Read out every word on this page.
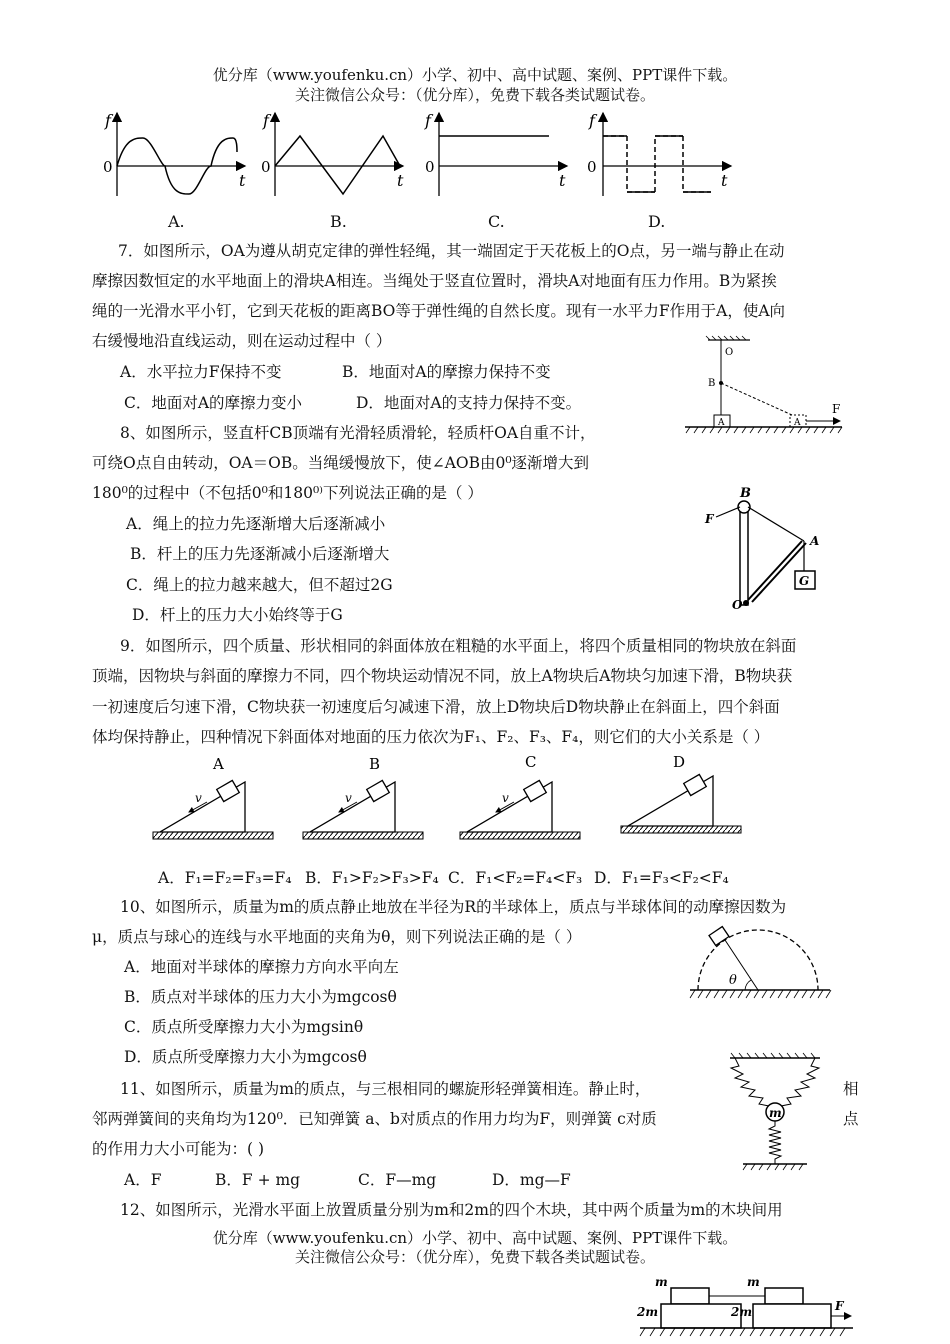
优分库（www.youfenku.cn）小学、初中、高中试题、案例、PPT课件下载。
关注微信公众号：（优分库），免费下载各类试题试卷。
f
0
t
f
0
t
f
0
t
f
0
t
A.	B.	C.	D.
7．如图所示，OA为遵从胡克定律的弹性轻绳，其一端固定于天花板上的O点，另一端与静止在动
摩擦因数恒定的水平地面上的滑块A相连。当绳处于竖直位置时，滑块A对地面有压力作用。B为紧挨
绳的一光滑水平小钉，它到天花板的距离BO等于弹性绳的自然长度。现有一水平力F作用于A，使A向
右缓慢地沿直线运动，则在运动过程中（ ）
A．水平拉力F保持不变	B．地面对A的摩擦力保持不变
C．地面对A的摩擦力变小	D．地面对A的支持力保持不变。
O
B
A	A
F
8、如图所示，竖直杆CB顶端有光滑轻质滑轮，轻质杆OA自重不计，
可绕O点自由转动，OA＝OB。当绳缓慢放下，使∠AOB由0⁰逐渐增大到
180⁰的过程中（不包括0⁰和180⁰⁾下列说法正确的是（ ）
A．绳上的拉力先逐渐增大后逐渐减小
B．杆上的压力先逐渐减小后逐渐增大
C．绳上的拉力越来越大，但不超过2G
D．杆上的压力大小始终等于G
B
F
A
O
G
9．如图所示，四个质量、形状相同的斜面体放在粗糙的水平面上，将四个质量相同的物块放在斜面
顶端，因物块与斜面的摩擦力不同，四个物块运动情况不同，放上A物块后A物块匀加速下滑，B物块获
一初速度后匀速下滑，C物块获一初速度后匀减速下滑，放上D物块后D物块静止在斜面上，四个斜面
体均保持静止，四种情况下斜面体对地面的压力依次为F₁、F₂、F₃、F₄，则它们的大小关系是（ ）
A
v
B
v
C
v
D
A．F₁=F₂=F₃=F₄ B．F₁>F₂>F₃>F₄ C．F₁<F₂=F₄<F₃ D．F₁=F₃<F₂<F₄
10、如图所示，质量为m的质点静止地放在半径为R的半球体上，质点与半球体间的动摩擦因数为
μ，质点与球心的连线与水平地面的夹角为θ，则下列说法正确的是（ ）
A．地面对半球体的摩擦力方向水平向左
B．质点对半球体的压力大小为mgcosθ
C．质点所受摩擦力大小为mgsinθ
D．质点所受摩擦力大小为mgcosθ
θ
11、如图所示，质量为m的质点，与三根相同的螺旋形轻弹簧相连。静止时，	相
邻两弹簧间的夹角均为120⁰．已知弹簧 a、b对质点的作用力均为F，则弹簧 c对质	点
的作用力大小可能为：( )
A．F	B．F + mg	C．F—mg	D．mg—F
m
12、如图所示，光滑水平面上放置质量分别为m和2m的四个木块，其中两个质量为m的木块间用
优分库（www.youfenku.cn）小学、初中、高中试题、案例、PPT课件下载。
关注微信公众号：（优分库），免费下载各类试题试卷。
m	m
2m	2m	F
